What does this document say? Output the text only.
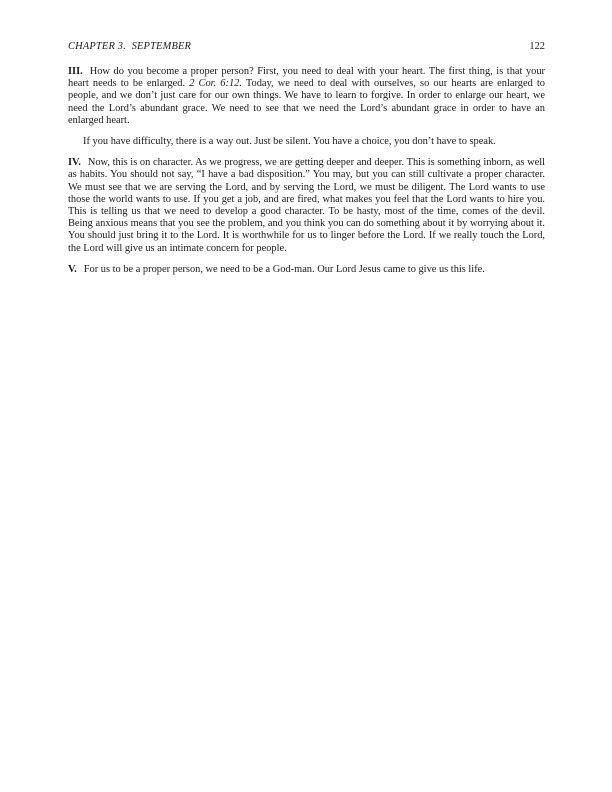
CHAPTER 3.  SEPTEMBER	122

III. How do you become a proper person? First, you need to deal with your heart. The first thing, is that your heart needs to be enlarged. 2 Cor. 6:12. Today, we need to deal with ourselves, so our hearts are enlarged to people, and we don’t just care for our own things. We have to learn to forgive. In order to enlarge our heart, we need the Lord’s abundant grace. We need to see that we need the Lord’s abundant grace in order to have an enlarged heart.

If you have difficulty, there is a way out. Just be silent. You have a choice, you don’t have to speak.

IV. Now, this is on character. As we progress, we are getting deeper and deeper. This is something inborn, as well as habits. You should not say, “I have a bad disposition.” You may, but you can still cultivate a proper character. We must see that we are serving the Lord, and by serving the Lord, we must be diligent. The Lord wants to use those the world wants to use. If you get a job, and are fired, what makes you feel that the Lord wants to hire you. This is telling us that we need to develop a good character. To be hasty, most of the time, comes of the devil. Being anxious means that you see the problem, and you think you can do something about it by worrying about it. You should just bring it to the Lord. It is worthwhile for us to linger before the Lord. If we really touch the Lord, the Lord will give us an intimate concern for people.

V. For us to be a proper person, we need to be a God-man. Our Lord Jesus came to give us this life.
